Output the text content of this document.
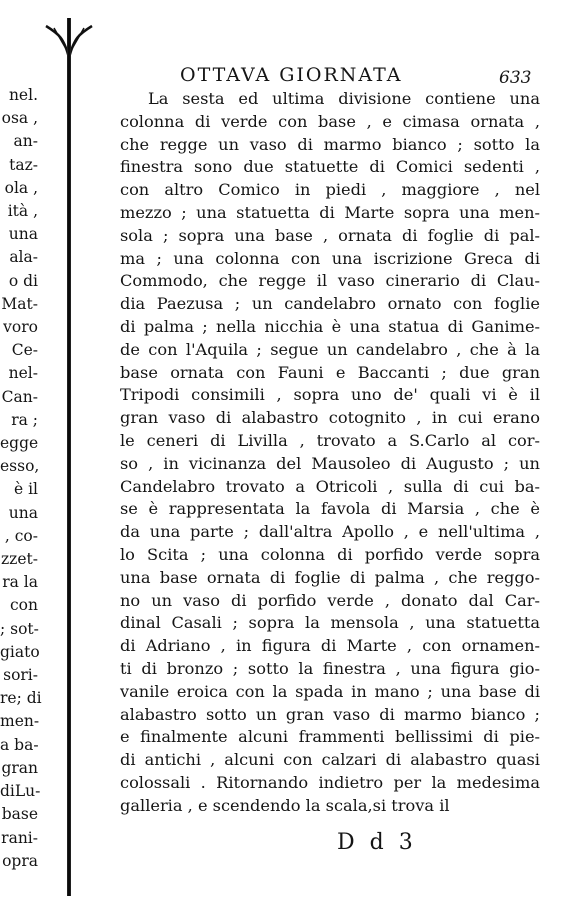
nel.
osa ,
an-
taz-
ola ,
ità ,
una
ala-
o di
Mat-
voro
Ce-
nel-
Can-
ra ;
egge
esso,
è il
una
, co-
zzet-
ra la
con
; sot-
giato
sori-
re; di
men-
a ba-
gran
diLu-
base
rani-
opra
OTTAVA GIORNATA	633
La sesta ed ultima divisione contiene una
colonna di verde con base , e cimasa ornata ,
che regge un vaso di marmo bianco ; sotto la
finestra sono due statuette di Comici sedenti ,
con altro Comico in piedi , maggiore , nel
mezzo ; una statuetta di Marte sopra una men-
sola ; sopra una base , ornata di foglie di pal-
ma ; una colonna con una iscrizione Greca di
Commodo, che regge il vaso cinerario di Clau-
dia Paezusa ; un candelabro ornato con foglie
di palma ; nella nicchia è una statua di Ganime-
de con l'Aquila ; segue un candelabro , che à la
base ornata con Fauni e Baccanti ; due gran
Tripodi consimili , sopra uno de' quali vi è il
gran vaso di alabastro cotognito , in cui erano
le ceneri di Livilla , trovato a S.Carlo al cor-
so , in vicinanza del Mausoleo di Augusto ; un
Candelabro trovato a Otricoli , sulla di cui ba-
se è rappresentata la favola di Marsia , che è
da una parte ; dall'altra Apollo , e nell'ultima ,
lo Scita ; una colonna di porfido verde sopra
una base ornata di foglie di palma , che reggo-
no un vaso di porfido verde , donato dal Car-
dinal Casali ; sopra la mensola , una statuetta
di Adriano , in figura di Marte , con ornamen-
ti di bronzo ; sotto la finestra , una figura gio-
vanile eroica con la spada in mano ; una base di
alabastro sotto un gran vaso di marmo bianco ;
e finalmente alcuni frammenti bellissimi di pie-
di antichi , alcuni con calzari di alabastro quasi
colossali . Ritornando indietro per la medesima
galleria , e scendendo la scala,si trova il
D d 3
